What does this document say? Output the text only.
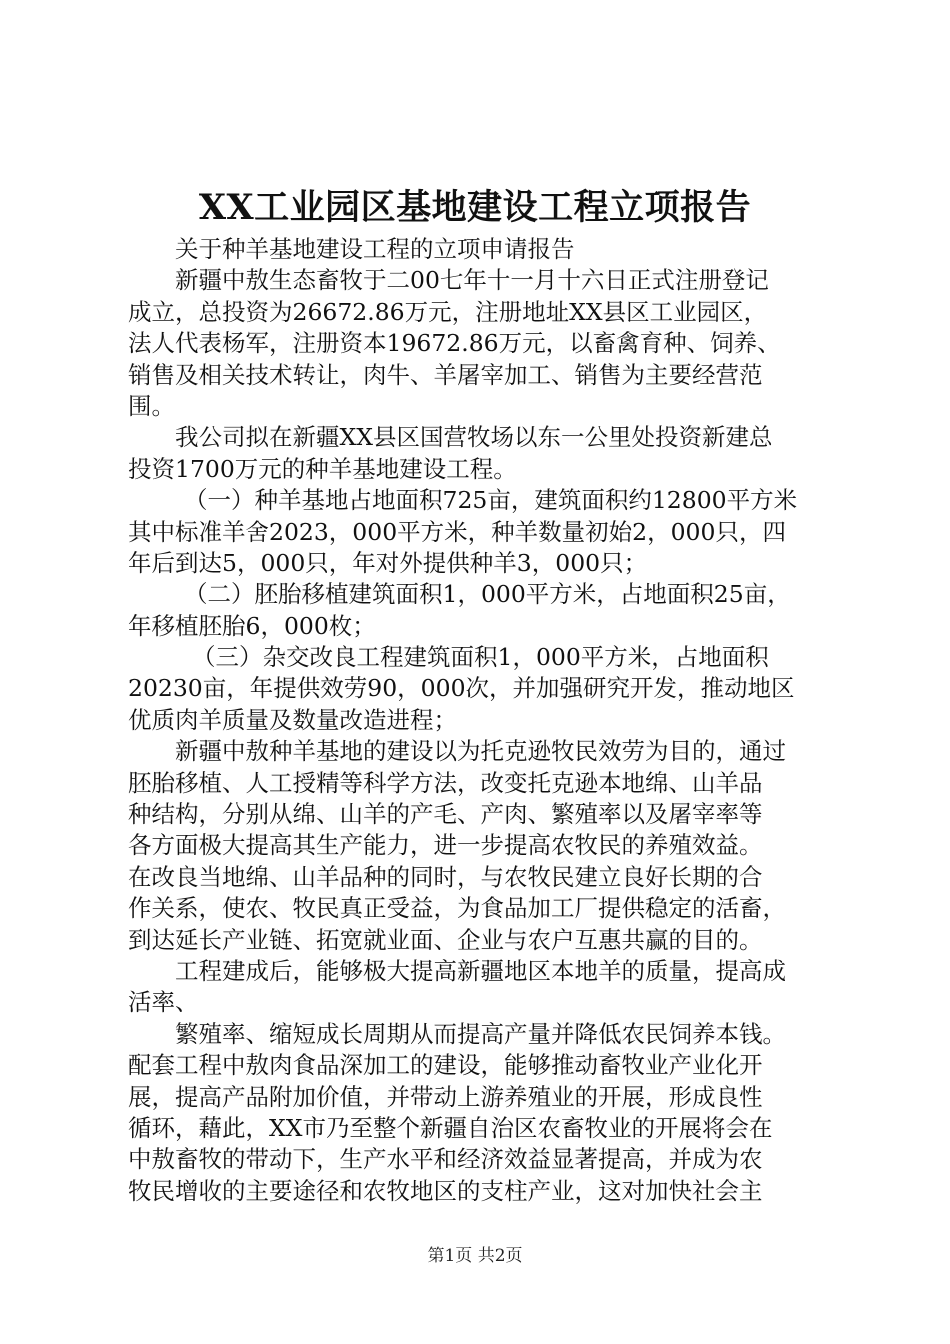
XX工业园区基地建设工程立项报告
关于种羊基地建设工程的立项申请报告
新疆中敖生态畜牧于二00七年十一月十六日正式注册登记
成立，总投资为26672.86万元，注册地址XX县区工业园区，
法人代表杨军，注册资本19672.86万元，以畜禽育种、饲养、
销售及相关技术转让，肉牛、羊屠宰加工、销售为主要经营范
围。
我公司拟在新疆XX县区国营牧场以东一公里处投资新建总
投资1700万元的种羊基地建设工程。
（一）种羊基地占地面积725亩，建筑面积约12800平方米
其中标准羊舍2023，000平方米，种羊数量初始2，000只，四
年后到达5，000只，年对外提供种羊3，000只；
（二）胚胎移植建筑面积1，000平方米，占地面积25亩，
年移植胚胎6，000枚；
（三）杂交改良工程建筑面积1，000平方米，占地面积
20230亩，年提供效劳90，000次，并加强研究开发，推动地区
优质肉羊质量及数量改造进程；
新疆中敖种羊基地的建设以为托克逊牧民效劳为目的，通过
胚胎移植、人工授精等科学方法，改变托克逊本地绵、山羊品
种结构，分别从绵、山羊的产毛、产肉、繁殖率以及屠宰率等
各方面极大提高其生产能力，进一步提高农牧民的养殖效益。
在改良当地绵、山羊品种的同时，与农牧民建立良好长期的合
作关系，使农、牧民真正受益，为食品加工厂提供稳定的活畜，
到达延长产业链、拓宽就业面、企业与农户互惠共赢的目的。
工程建成后，能够极大提高新疆地区本地羊的质量，提高成
活率、
繁殖率、缩短成长周期从而提高产量并降低农民饲养本钱。
配套工程中敖肉食品深加工的建设，能够推动畜牧业产业化开
展，提高产品附加价值，并带动上游养殖业的开展，形成良性
循环，藉此，XX市乃至整个新疆自治区农畜牧业的开展将会在
中敖畜牧的带动下，生产水平和经济效益显著提高，并成为农
牧民增收的主要途径和农牧地区的支柱产业，这对加快社会主
第1页 共2页
